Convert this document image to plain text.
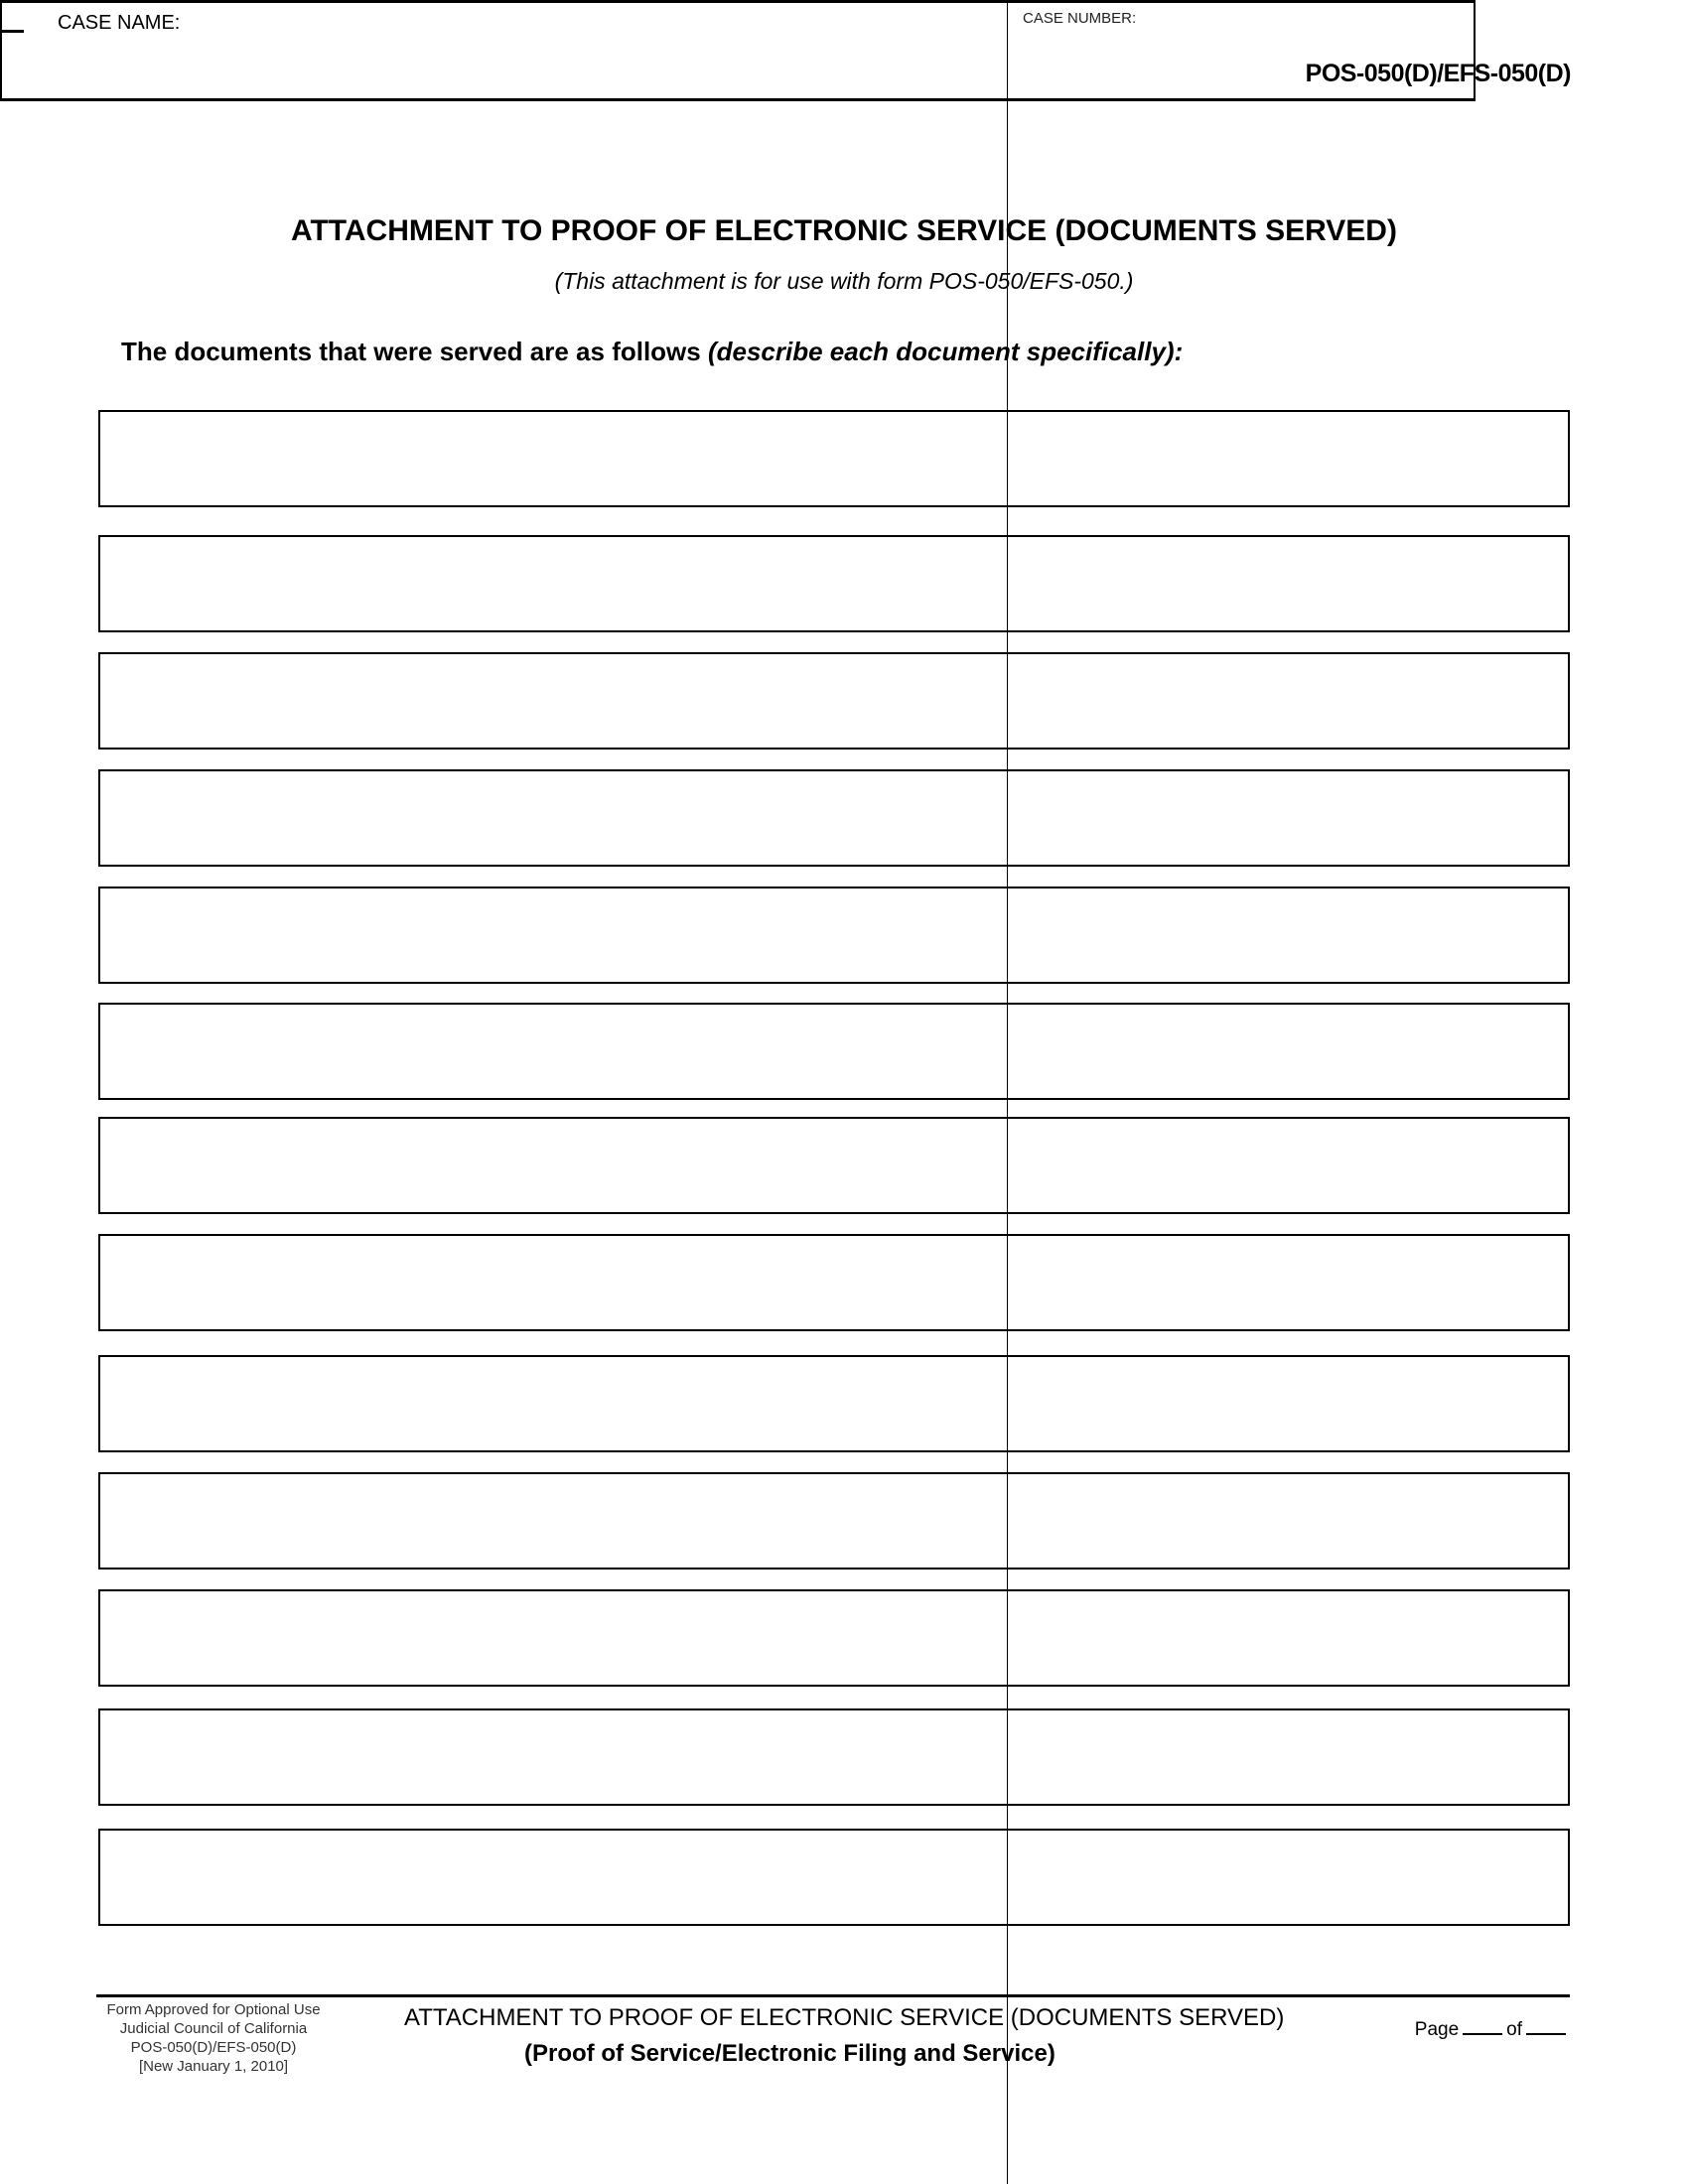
POS-050(D)/EFS-050(D)
CASE NAME:	CASE NUMBER:
ATTACHMENT TO PROOF OF ELECTRONIC SERVICE (DOCUMENTS SERVED)
(This attachment is for use with form POS-050/EFS-050.)
The documents that were served are as follows (describe each document specifically):
Form Approved for Optional Use
Judicial Council of California
POS-050(D)/EFS-050(D)
[New January 1, 2010]
ATTACHMENT TO PROOF OF ELECTRONIC SERVICE (DOCUMENTS SERVED)
(Proof of Service/Electronic Filing and Service)
Page	of
